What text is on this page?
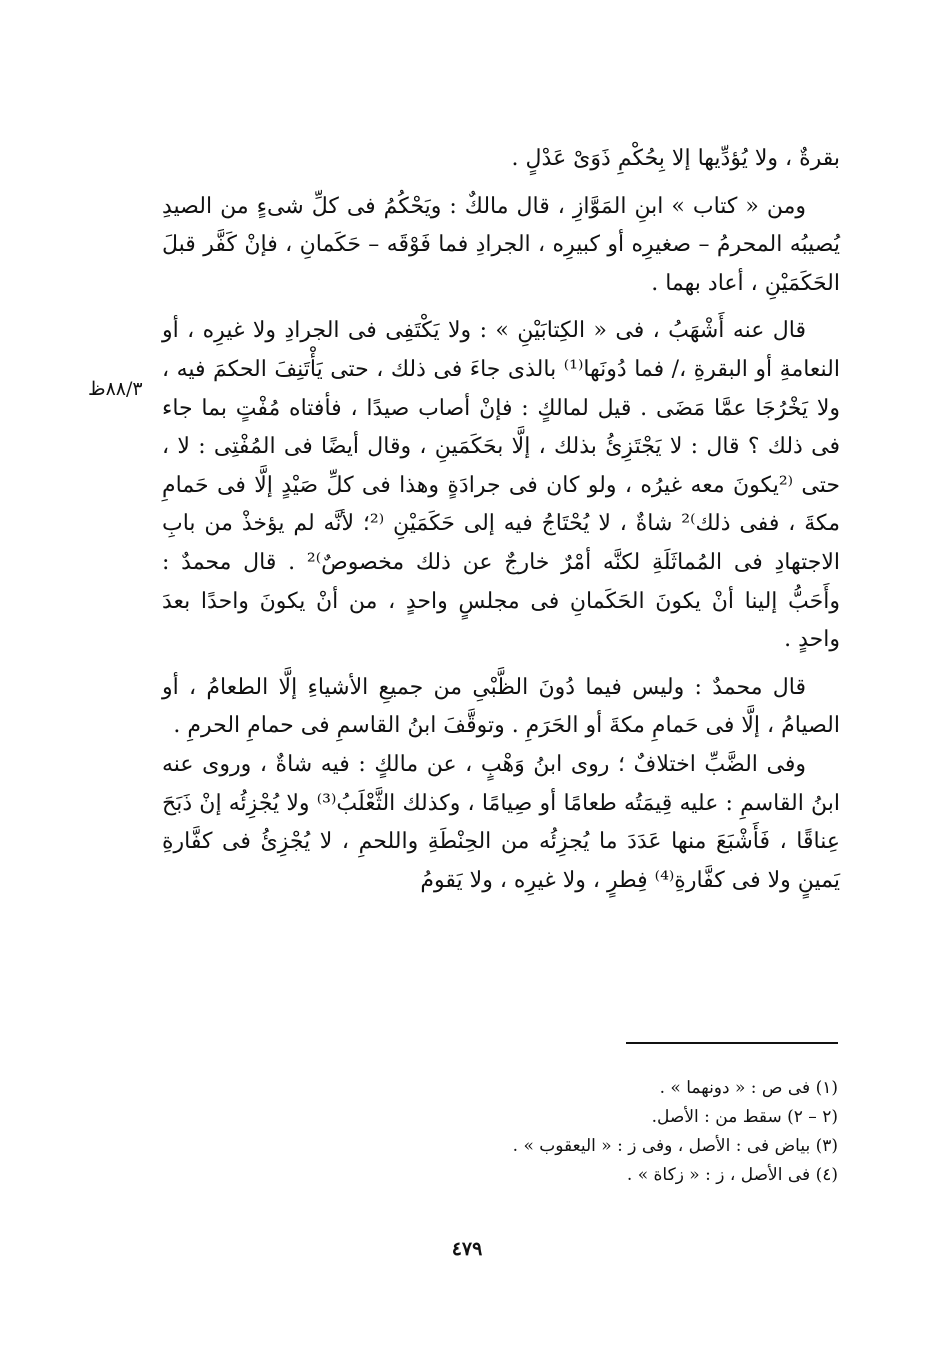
بقرةٌ ، ولا يُؤدِّيها إلا بِحُكْمِ ذَوَىْ عَدْلٍ .

ومن « كتاب » ابنِ المَوَّازِ ، قال مالكٌ : ويَحْكُمُ فى كلِّ شىءٍ من الصيدِ يُصيبُه المحرمُ – صغيرِه أو كبيرِه ، الجرادِ فما فَوْقَه – حَكَمانِ ، فإنْ كَفَّر قبلَ الحَكَمَيْنِ ، أعاد بهما .

قال عنه أَشْهَبُ ، فى « الكِتابَيْنِ » : ولا يَكْتَفِى فى الجرادِ ولا غيرِه ، أو النعامةِ أو البقرةِ ،/ فما دُونَها⁽¹⁾ بالذى جاءَ فى ذلك ، حتى يَأْتَنِفَ الحكمَ فيه ، ولا يَخْرُجَا عمَّا مَضَى . قيل لمالكٍ : فإنْ أصاب صيدًا ، فأفتاه مُفْتٍ بما جاء فى ذلك ؟ قال : لا يَجْتَزِئُ بذلك ، إلَّا بحَكَمَينِ ، وقال أيضًا فى المُفْتِى : لا ، حتى ⁽²يكونَ معه غيرُه ، ولو كان فى جرادَةٍ وهذا فى كلِّ صَيْدٍ إلَّا فى حَمامِ مكةَ ، ففى ذلك⁾² شاةٌ ، لا يُحْتَاجُ فيه إلى حَكَمَيْنِ ⁽²؛ لأنَّه لم يؤخذْ من بابِ الاجتهادِ فى المُماثَلَةِ لكنَّه أمْرٌ خارجٌ عن ذلك مخصوصٌ⁾² . قال محمدٌ : وأَحَبُّ إلينا أنْ يكونَ الحَكَمانِ فى مجلسٍ واحدٍ ، من أنْ يكونَ واحدًا بعدَ واحدٍ .

قال محمدٌ : وليس فيما دُونَ الظَّبْىِ من جميعِ الأشياءِ إلَّا الطعامُ ، أو الصيامُ ، إلَّا فى حَمامِ مكةَ أو الحَرَمِ . وتوقَّفَ ابنُ القاسمِ فى حمامِ الحرمِ .

وفى الضَّبِّ اختلافٌ ؛ روى ابنُ وَهْبٍ ، عن مالكٍ : فيه شاةٌ ، وروى عنه ابنُ القاسمِ : عليه قِيمَتُه طعامًا أو صِيامًا ، وكذلك الثَّعْلَبُ⁽³⁾ ولا يُجْزِئُه إنْ ذَبَحَ عِناقًا ، فَأَشْبَعَ منها عَدَدَ ما يُجزِئُه من الحِنْطَةِ واللحمِ ، لا يُجْزِئُ فى كفَّارةِ يَمينٍ ولا فى كفَّارةِ⁽⁴⁾ فِطرٍ ، ولا غيرِه ، ولا يَقومُ

٨٨/٣ظ

(١) فى ص : « دونهما » .

(٢ – ٢) سقط من : الأصل.

(٣) بياض فى : الأصل ، وفى ز : « اليعقوب » .

(٤) فى الأصل ، ز : « زكاة » .

٤٧٩
